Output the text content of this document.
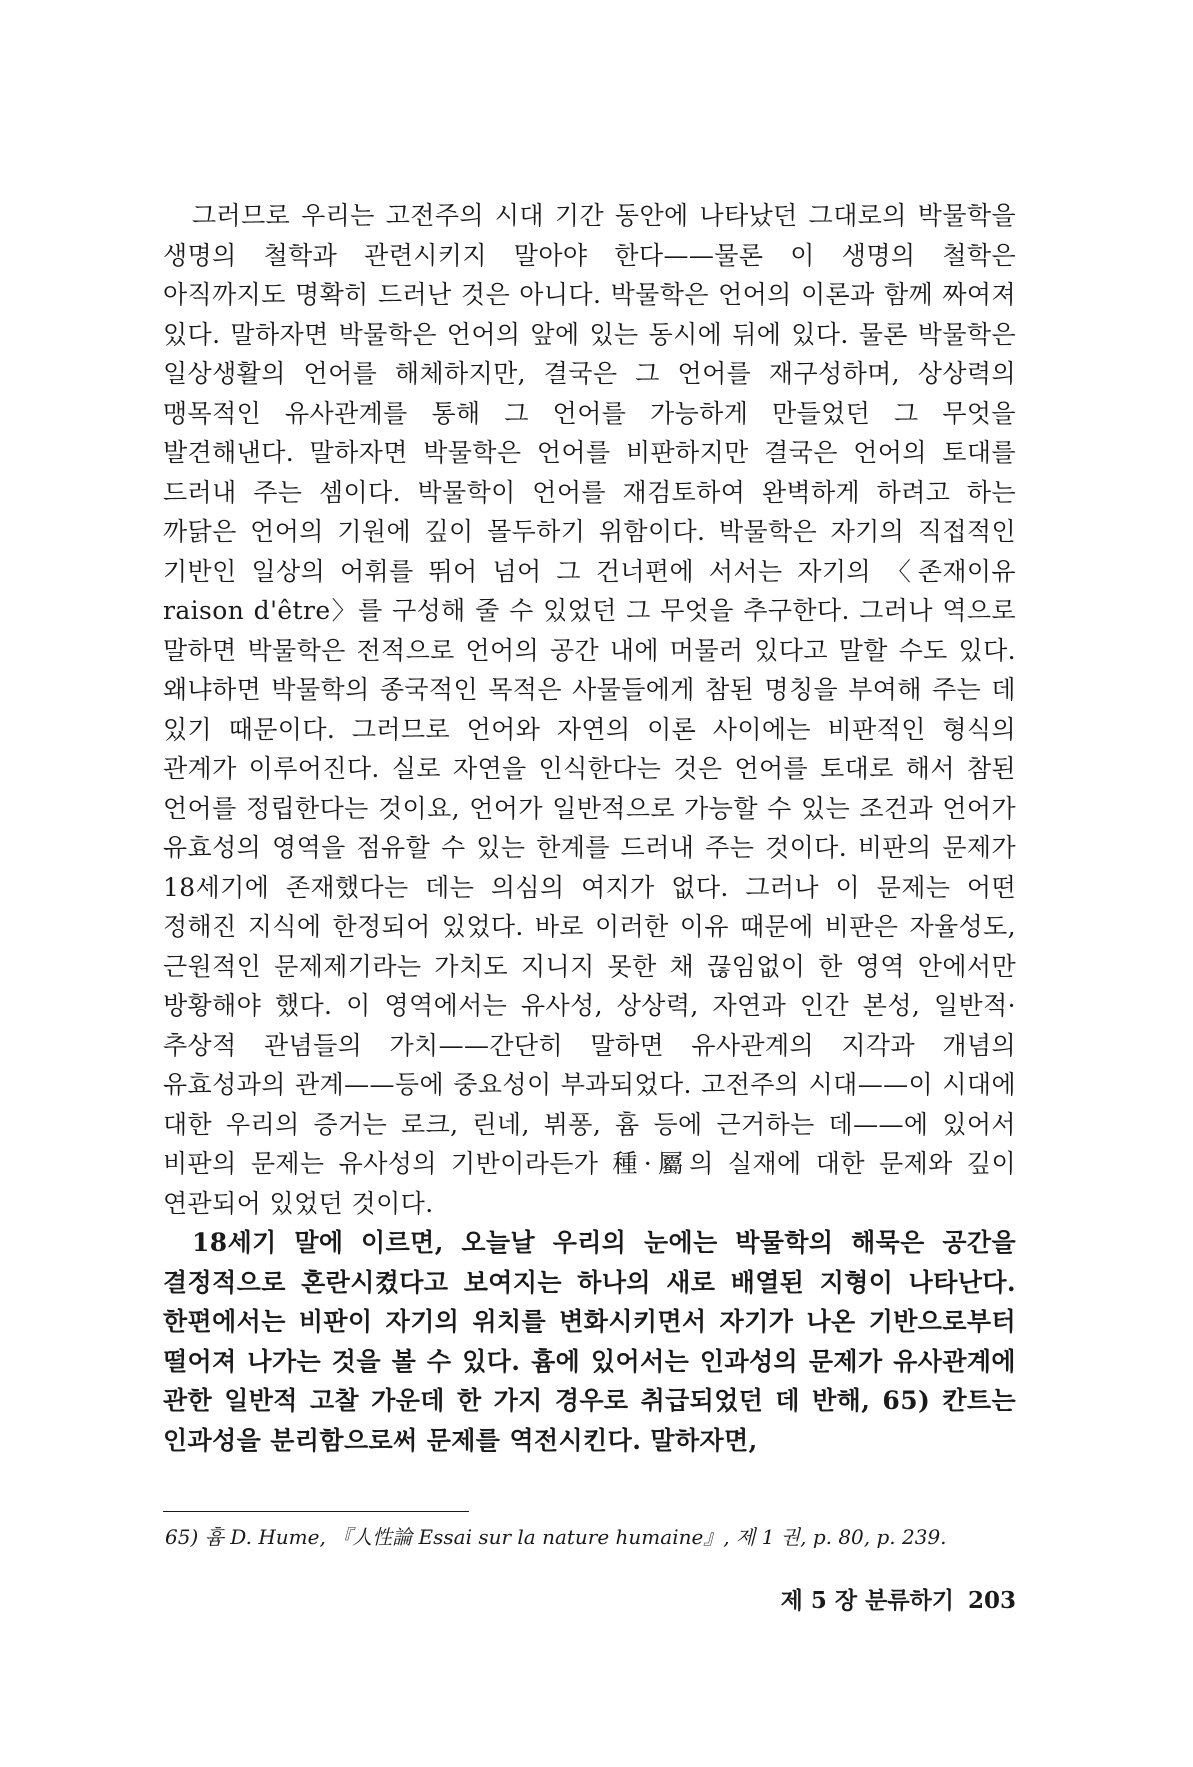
그러므로 우리는 고전주의 시대 기간 동안에 나타났던 그대로의 박물학을 생명의 철학과 관련시키지 말아야 한다——물론 이 생명의 철학은 아직까지도 명확히 드러난 것은 아니다. 박물학은 언어의 이론과 함께 짜여져 있다. 말하자면 박물학은 언어의 앞에 있는 동시에 뒤에 있다. 물론 박물학은 일상생활의 언어를 해체하지만, 결국은 그 언어를 재구성하며, 상상력의 맹목적인 유사관계를 통해 그 언어를 가능하게 만들었던 그 무엇을 발견해낸다. 말하자면 박물학은 언어를 비판하지만 결국은 언어의 토대를 드러내 주는 셈이다. 박물학이 언어를 재검토하여 완벽하게 하려고 하는 까닭은 언어의 기원에 깊이 몰두하기 위함이다. 박물학은 자기의 직접적인 기반인 일상의 어휘를 뛰어 넘어 그 건너편에 서서는 자기의 〈존재이유 raison d'être〉를 구성해 줄 수 있었던 그 무엇을 추구한다. 그러나 역으로 말하면 박물학은 전적으로 언어의 공간 내에 머물러 있다고 말할 수도 있다. 왜냐하면 박물학의 종국적인 목적은 사물들에게 참된 명칭을 부여해 주는 데 있기 때문이다. 그러므로 언어와 자연의 이론 사이에는 비판적인 형식의 관계가 이루어진다. 실로 자연을 인식한다는 것은 언어를 토대로 해서 참된 언어를 정립한다는 것이요, 언어가 일반적으로 가능할 수 있는 조건과 언어가 유효성의 영역을 점유할 수 있는 한계를 드러내 주는 것이다. 비판의 문제가 18세기에 존재했다는 데는 의심의 여지가 없다. 그러나 이 문제는 어떤 정해진 지식에 한정되어 있었다. 바로 이러한 이유 때문에 비판은 자율성도, 근원적인 문제제기라는 가치도 지니지 못한 채 끊임없이 한 영역 안에서만 방황해야 했다. 이 영역에서는 유사성, 상상력, 자연과 인간 본성, 일반적·추상적 관념들의 가치——간단히 말하면 유사관계의 지각과 개념의 유효성과의 관계——등에 중요성이 부과되었다. 고전주의 시대——이 시대에 대한 우리의 증거는 로크, 린네, 뷔퐁, 흄 등에 근거하는 데——에 있어서 비판의 문제는 유사성의 기반이라든가 種·屬의 실재에 대한 문제와 깊이 연관되어 있었던 것이다.

18세기 말에 이르면, 오늘날 우리의 눈에는 박물학의 해묵은 공간을 결정적으로 혼란시켰다고 보여지는 하나의 새로 배열된 지형이 나타난다. 한편에서는 비판이 자기의 위치를 변화시키면서 자기가 나온 기반으로부터 떨어져 나가는 것을 볼 수 있다. 흄에 있어서는 인과성의 문제가 유사관계에 관한 일반적 고찰 가운데 한 가지 경우로 취급되었던 데 반해, 65) 칸트는 인과성을 분리함으로써 문제를 역전시킨다. 말하자면,

65) 흄 D. Hume, 『人性論 Essai sur la nature humaine』, 제 1 권, p. 80, p. 239.
제 5 장 분류하기 203
